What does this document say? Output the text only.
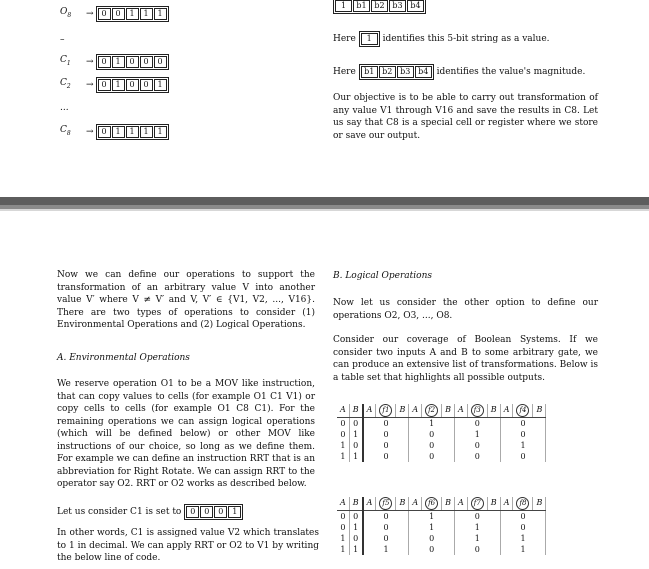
$O_8$	→ 0	0	1	1	1
–
$C_1$	→ 0	1	0	0	0
$C_2$	→ 0	1	0	0	1
...
$C_8$	→ 0	1	1	1	1
1	b1 b2 b3 b4
Here
	1
	identifies this 5-bit string as a value.
Here
	b1 b2 b3 b4
identifies the value's magnitude.
Our objective is to be able to carry out transformation of any value V1 through V16 and save the results in C8. Let us say that C8 is a special cell or register where we store or save our output.
Now we can define our operations to support the transformation of an arbitrary value V into another value V′ where V ≠ V′ and V, V′ ∈ {V1, V2, ..., V16}. There are two types of operations to consider (1) Environmental Operations and (2) Logical Operations.
A. Environmental Operations
We reserve operation O1 to be a MOV like instruction, that can copy values to cells (for example O1 C1 V1) or copy cells to cells (for example O1 C8 C1). For the remaining operations we can assign logical operations (which will be defined below) or other MOV like instructions of our choice, so long as we define them. For example we can define an instruction RRT that is an abbreviation for Right Rotate. We can assign RRT to the operator say O2. RRT or O2 works as described below.
Let us consider C1 is set to
	0	0	0	1
In other words, C1 is assigned value V2 which translates to 1 in decimal. We can apply RRT or O2 to V1 by writing the below line of code.
B. Logical Operations
Now let us consider the other option to define our operations O2, O3, ..., O8.
Consider our coverage of Boolean Systems. If we consider two inputs A and B to some arbitrary gate, we can produce an extensive list of transformations. Below is a table set that highlights all possible outputs.
A	B	A	f1	B	A	f2	B	A	f3	B	A	f4	B
0	0	0			1			0			0		
0	1	0			0			1			0		
1	0	0			0			0			1		
1	1	0			0			0			0		
A	B	A	f5	B	A	f6	B	A	f7	B	A	f8	B
0	0	0			1			0			0		
0	1	0			1			1			0		
1	0	0			0			1			1		
1	1	1			0			0			1		
